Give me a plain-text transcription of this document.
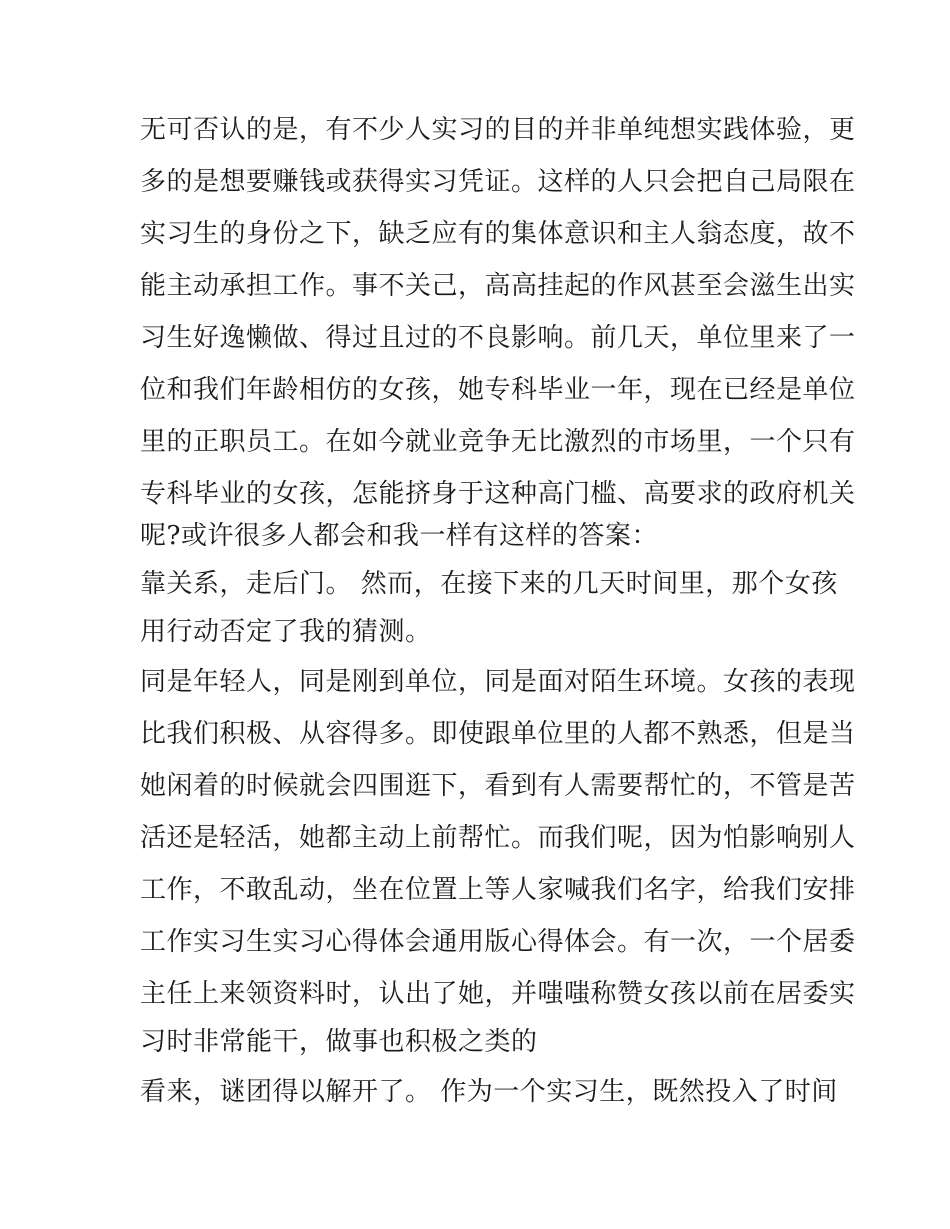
无可否认的是，有不少人实习的目的并非单纯想实践体验，更
多的是想要赚钱或获得实习凭证。这样的人只会把自己局限在
实习生的身份之下，缺乏应有的集体意识和主人翁态度，故不
能主动承担工作。事不关己，高高挂起的作风甚至会滋生出实
习生好逸懒做、得过且过的不良影响。前几天，单位里来了一
位和我们年龄相仿的女孩，她专科毕业一年，现在已经是单位
里的正职员工。在如今就业竞争无比激烈的市场里，一个只有
专科毕业的女孩，怎能挤身于这种高门槛、高要求的政府机关
呢?或许很多人都会和我一样有这样的答案：
靠关系，走后门。 然而，在接下来的几天时间里，那个女孩
用行动否定了我的猜测。
同是年轻人，同是刚到单位，同是面对陌生环境。女孩的表现
比我们积极、从容得多。即使跟单位里的人都不熟悉，但是当
她闲着的时候就会四围逛下，看到有人需要帮忙的，不管是苦
活还是轻活，她都主动上前帮忙。而我们呢，因为怕影响别人
工作，不敢乱动，坐在位置上等人家喊我们名字，给我们安排
工作实习生实习心得体会通用版心得体会。有一次，一个居委
主任上来领资料时，认出了她，并嗤嗤称赞女孩以前在居委实
习时非常能干，做事也积极之类的
看来，谜团得以解开了。 作为一个实习生，既然投入了时间
